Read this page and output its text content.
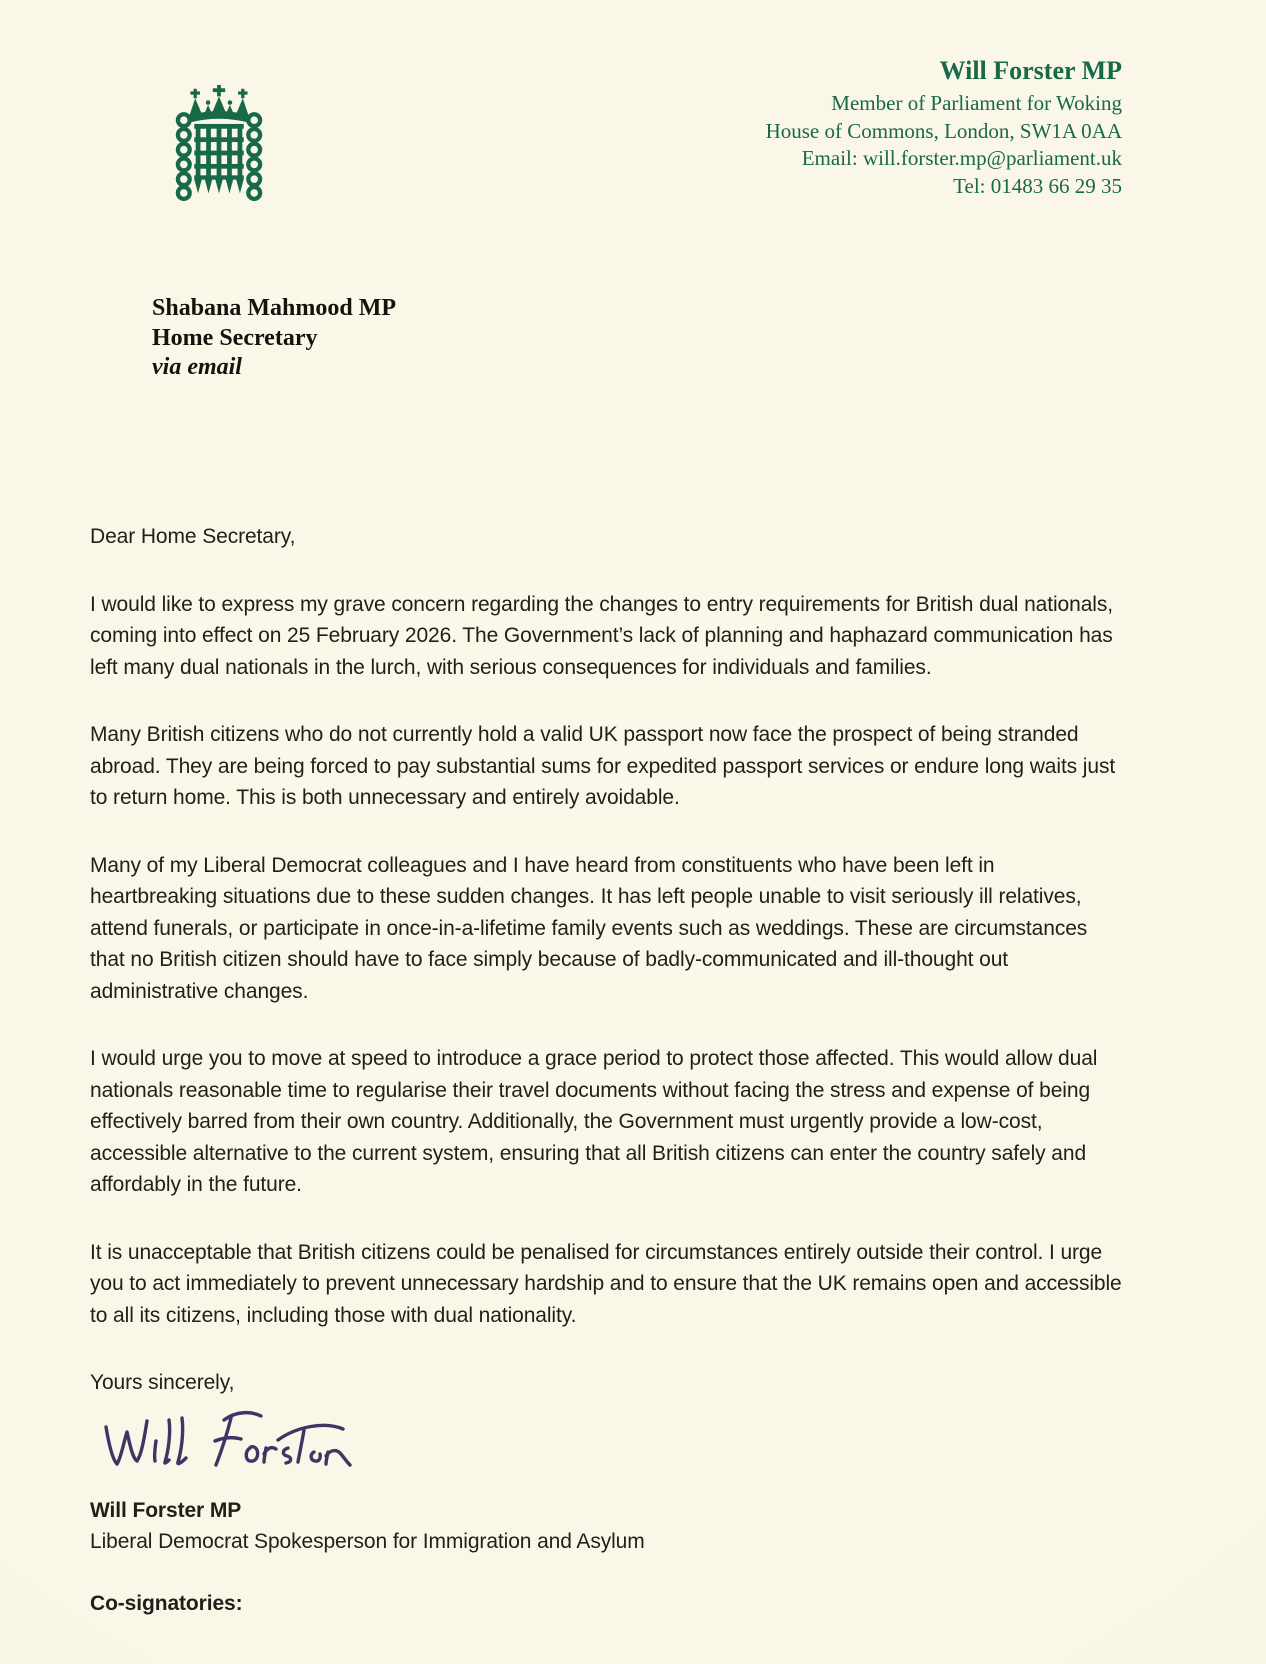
Will Forster MP
Member of Parliament for Woking
House of Commons, London, SW1A 0AA
Email: will.forster.mp@parliament.uk
Tel: 01483 66 29 35
Shabana Mahmood MP
Home Secretary
via email

Dear Home Secretary,

I would like to express my grave concern regarding the changes to entry requirements for British dual nationals, coming into effect on 25 February 2026. The Government’s lack of planning and haphazard communication has left many dual nationals in the lurch, with serious consequences for individuals and families.

Many British citizens who do not currently hold a valid UK passport now face the prospect of being stranded abroad. They are being forced to pay substantial sums for expedited passport services or endure long waits just to return home. This is both unnecessary and entirely avoidable.

Many of my Liberal Democrat colleagues and I have heard from constituents who have been left in heartbreaking situations due to these sudden changes. It has left people unable to visit seriously ill relatives, attend funerals, or participate in once-in-a-lifetime family events such as weddings. These are circumstances that no British citizen should have to face simply because of badly-communicated and ill-thought out administrative changes.

I would urge you to move at speed to introduce a grace period to protect those affected. This would allow dual nationals reasonable time to regularise their travel documents without facing the stress and expense of being effectively barred from their own country. Additionally, the Government must urgently provide a low-cost, accessible alternative to the current system, ensuring that all British citizens can enter the country safely and affordably in the future.

It is unacceptable that British citizens could be penalised for circumstances entirely outside their control. I urge you to act immediately to prevent unnecessary hardship and to ensure that the UK remains open and accessible to all its citizens, including those with dual nationality.

Yours sincerely,

Will Forster MP
Liberal Democrat Spokesperson for Immigration and Asylum
Co-signatories:
